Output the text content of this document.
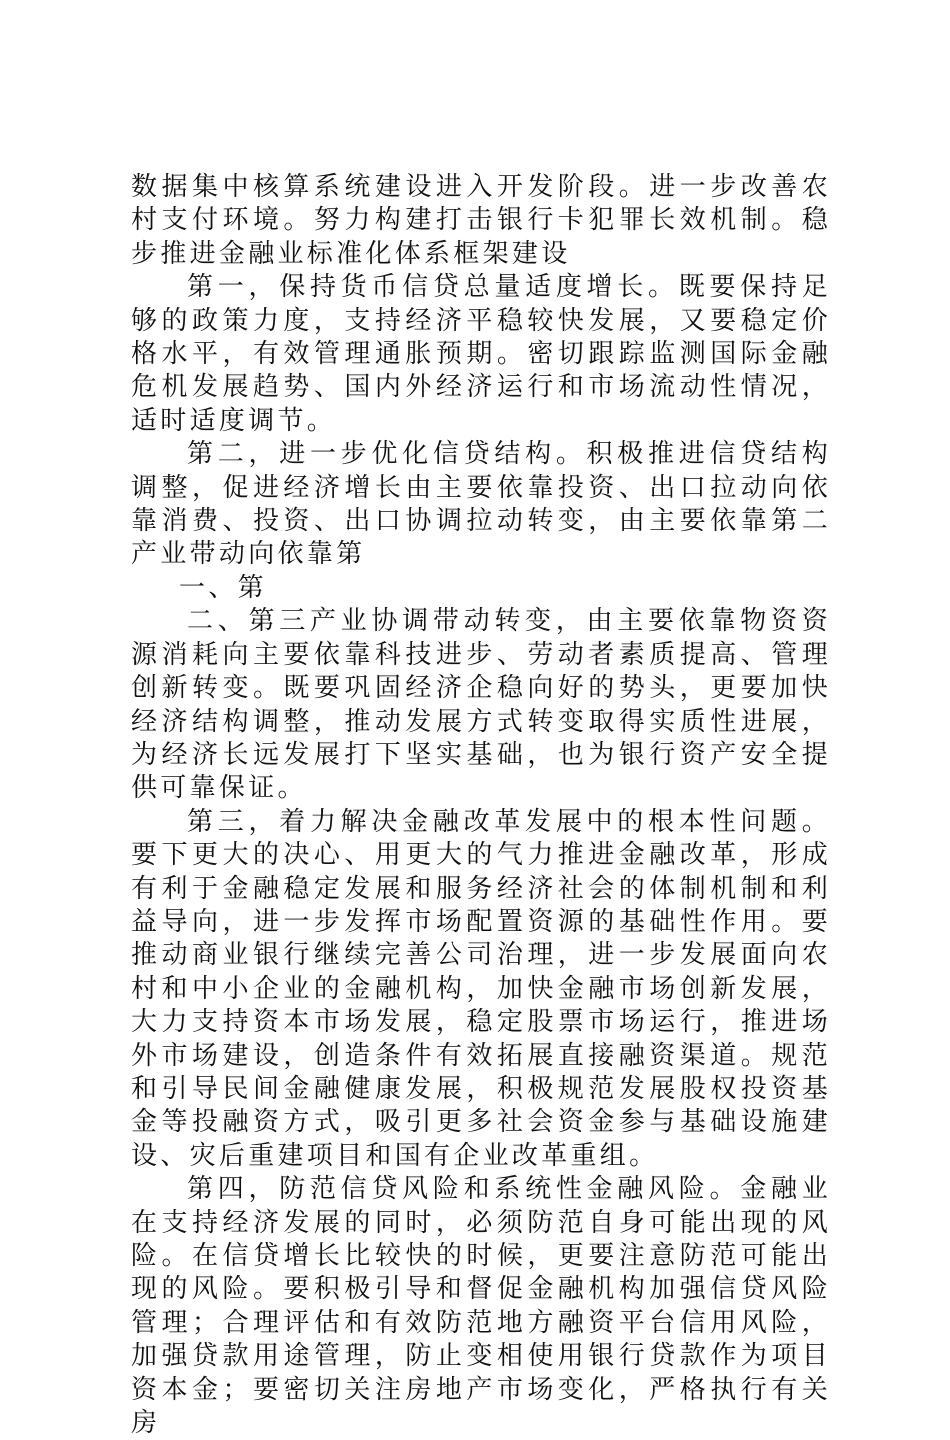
数据集中核算系统建设进入开发阶段。进一步改善农村支付环境。努力构建打击银行卡犯罪长效机制。稳步推进金融业标准化体系框架建设

第一，保持货币信贷总量适度增长。既要保持足够的政策力度，支持经济平稳较快发展，又要稳定价格水平，有效管理通胀预期。密切跟踪监测国际金融危机发展趋势、国内外经济运行和市场流动性情况，适时适度调节。

第二，进一步优化信贷结构。积极推进信贷结构调整，促进经济增长由主要依靠投资、出口拉动向依靠消费、投资、出口协调拉动转变，由主要依靠第二产业带动向依靠第

一、第

二、第三产业协调带动转变，由主要依靠物资资源消耗向主要依靠科技进步、劳动者素质提高、管理创新转变。既要巩固经济企稳向好的势头，更要加快经济结构调整，推动发展方式转变取得实质性进展，为经济长远发展打下坚实基础，也为银行资产安全提供可靠保证。

第三，着力解决金融改革发展中的根本性问题。要下更大的决心、用更大的气力推进金融改革，形成有利于金融稳定发展和服务经济社会的体制机制和利益导向，进一步发挥市场配置资源的基础性作用。要推动商业银行继续完善公司治理，进一步发展面向农村和中小企业的金融机构，加快金融市场创新发展，大力支持资本市场发展，稳定股票市场运行，推进场外市场建设，创造条件有效拓展直接融资渠道。规范和引导民间金融健康发展，积极规范发展股权投资基金等投融资方式，吸引更多社会资金参与基础设施建设、灾后重建项目和国有企业改革重组。

第四，防范信贷风险和系统性金融风险。金融业在支持经济发展的同时，必须防范自身可能出现的风险。在信贷增长比较快的时候，更要注意防范可能出现的风险。要积极引导和督促金融机构加强信贷风险管理；合理评估和有效防范地方融资平台信用风险，加强贷款用途管理，防止变相使用银行贷款作为项目资本金；要密切关注房地产市场变化，严格执行有关房
